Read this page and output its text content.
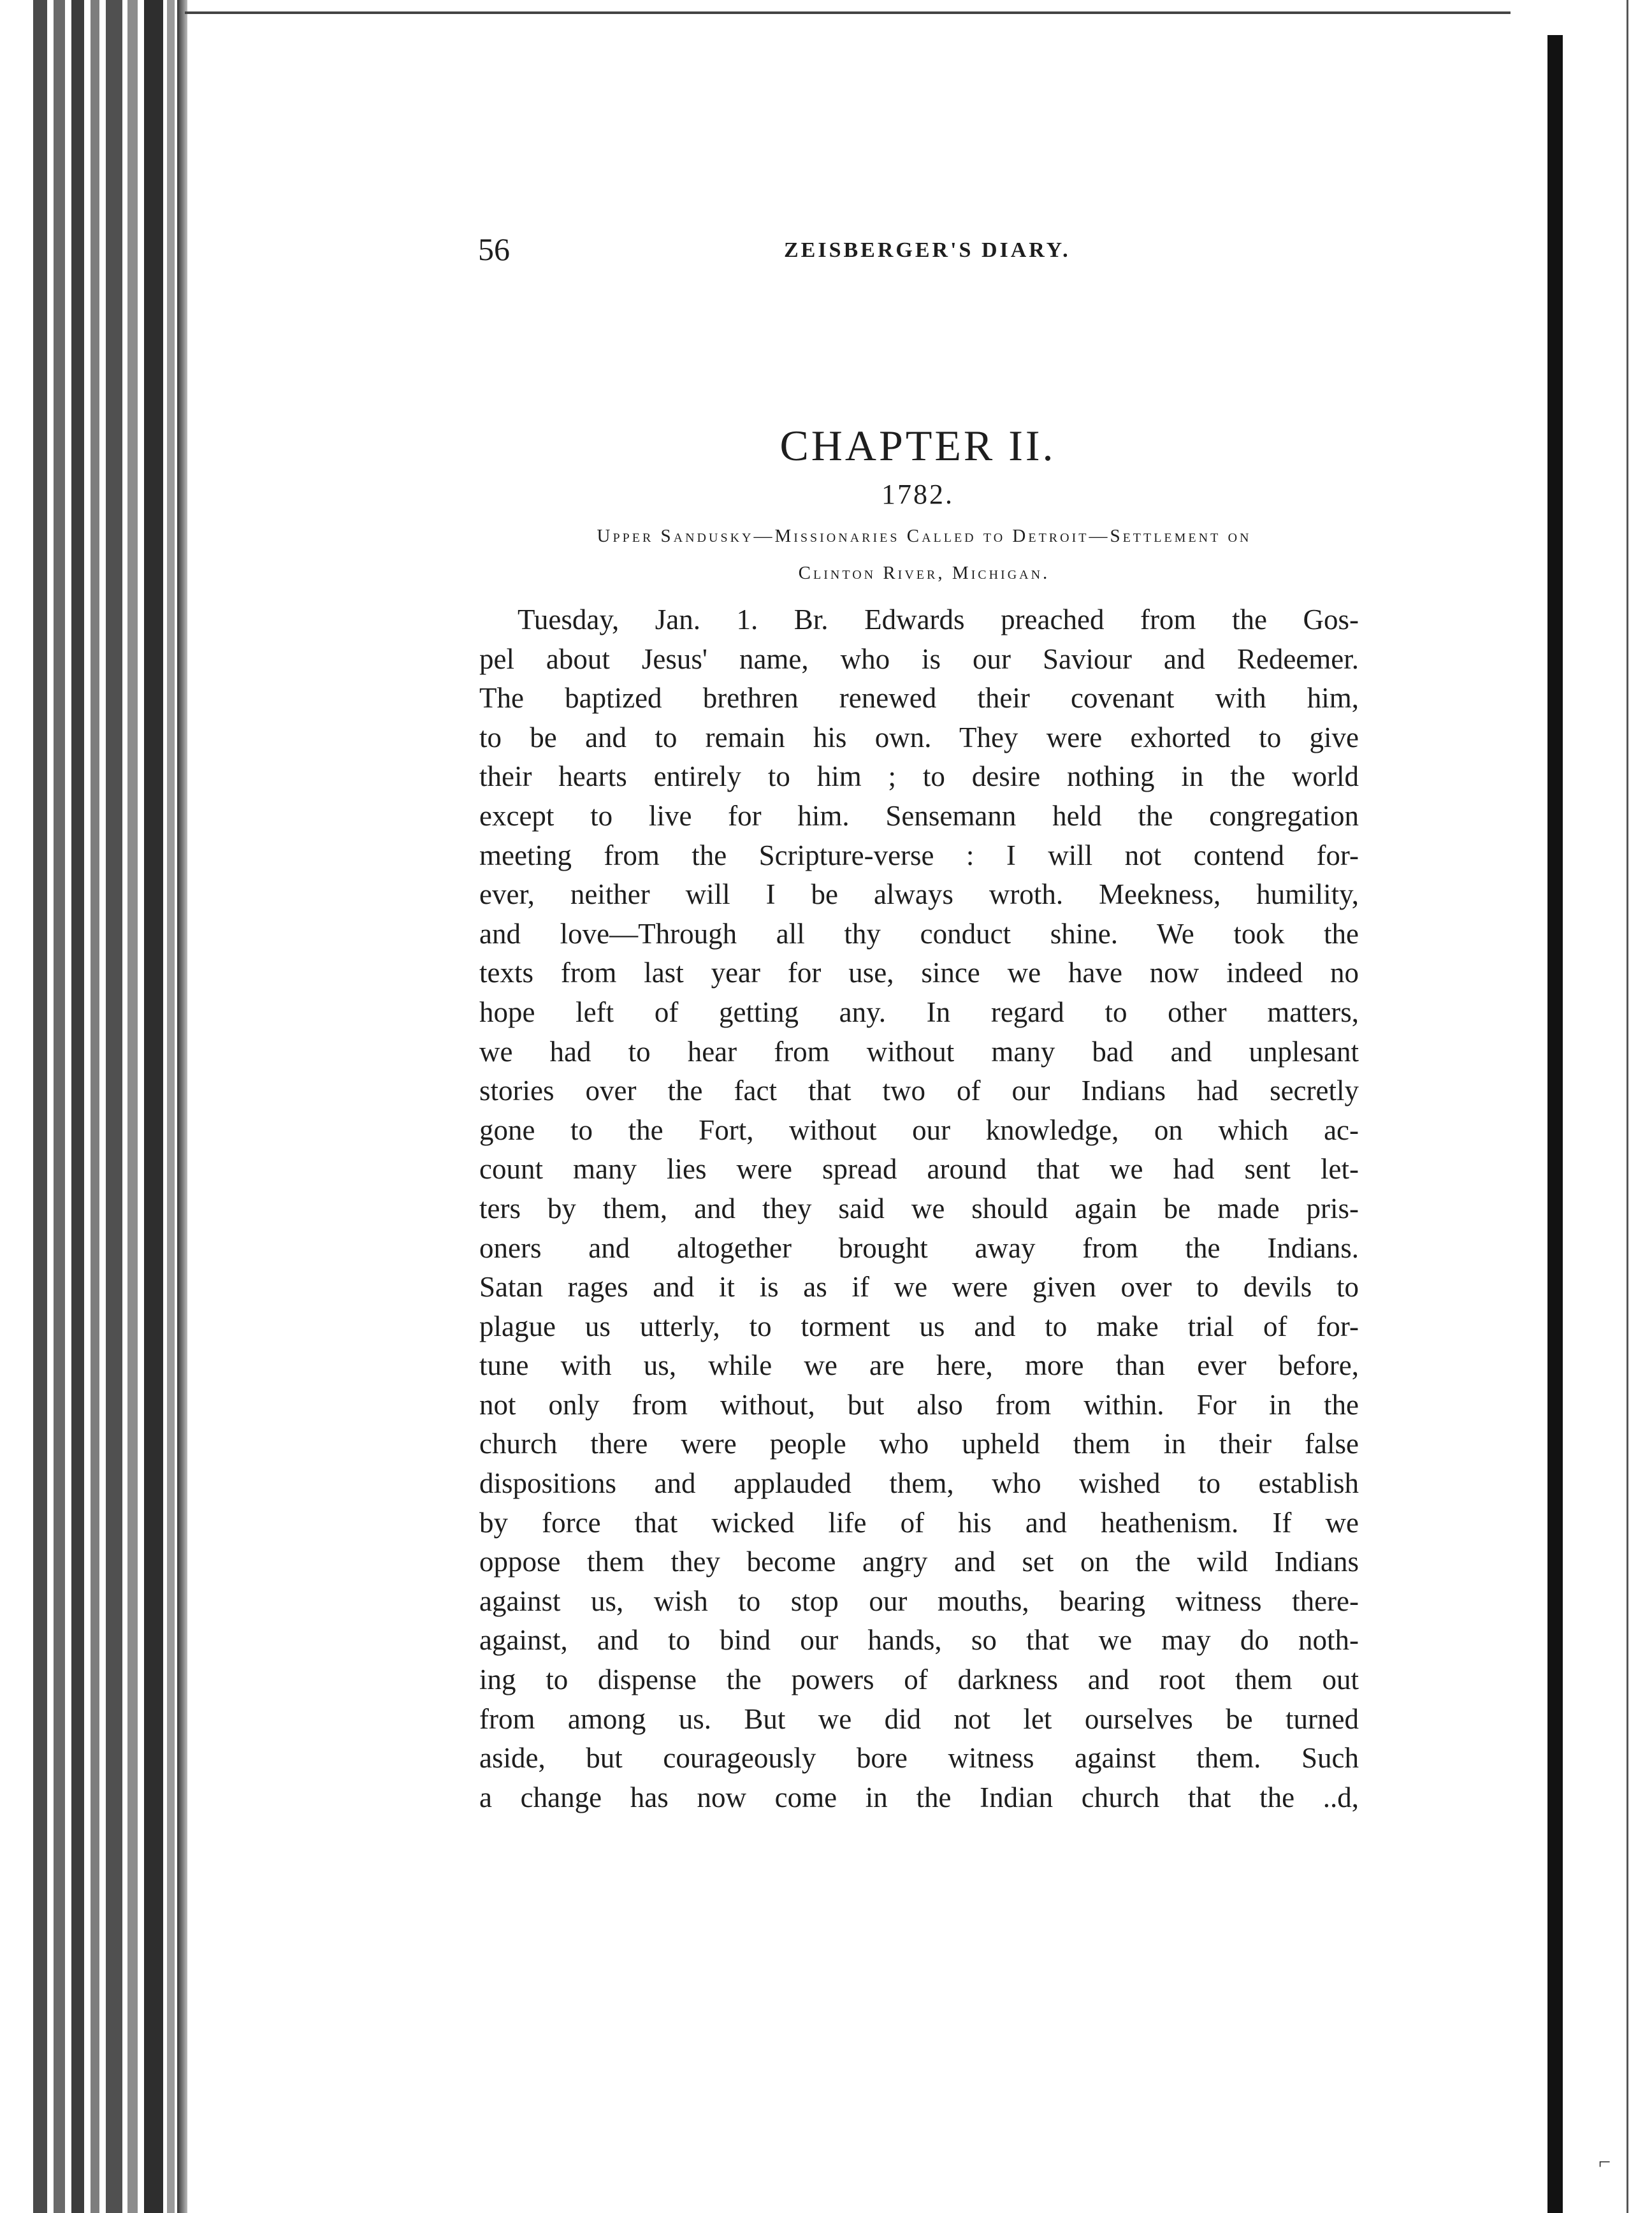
⌐
56	ZEISBERGER'S DIARY.
CHAPTER II.
1782.
Upper Sandusky—Missionaries Called to Detroit—Settlement on
Clinton River, Michigan.
Tuesday, Jan. 1. Br. Edwards preached from the Gos-
pel about Jesus' name, who is our Saviour and Redeemer.
The baptized brethren renewed their covenant with him,
to be and to remain his own. They were exhorted to give
their hearts entirely to him ; to desire nothing in the world
except to live for him. Sensemann held the congregation
meeting from the Scripture-verse : I will not contend for-
ever, neither will I be always wroth. Meekness, humility,
and love—Through all thy conduct shine. We took the
texts from last year for use, since we have now indeed no
hope left of getting any. In regard to other matters,
we had to hear from without many bad and unplesant
stories over the fact that two of our Indians had secretly
gone to the Fort, without our knowledge, on which ac-
count many lies were spread around that we had sent let-
ters by them, and they said we should again be made pris-
oners and altogether brought away from the Indians.
Satan rages and it is as if we were given over to devils to
plague us utterly, to torment us and to make trial of for-
tune with us, while we are here, more than ever before,
not only from without, but also from within. For in the
church there were people who upheld them in their false
dispositions and applauded them, who wished to establish
by force that wicked life of his and heathenism. If we
oppose them they become angry and set on the wild Indians
against us, wish to stop our mouths, bearing witness there-
against, and to bind our hands, so that we may do noth-
ing to dispense the powers of darkness and root them out
from among us. But we did not let ourselves be turned
aside, but courageously bore witness against them. Such
a change has now come in the Indian church that the ..d,
